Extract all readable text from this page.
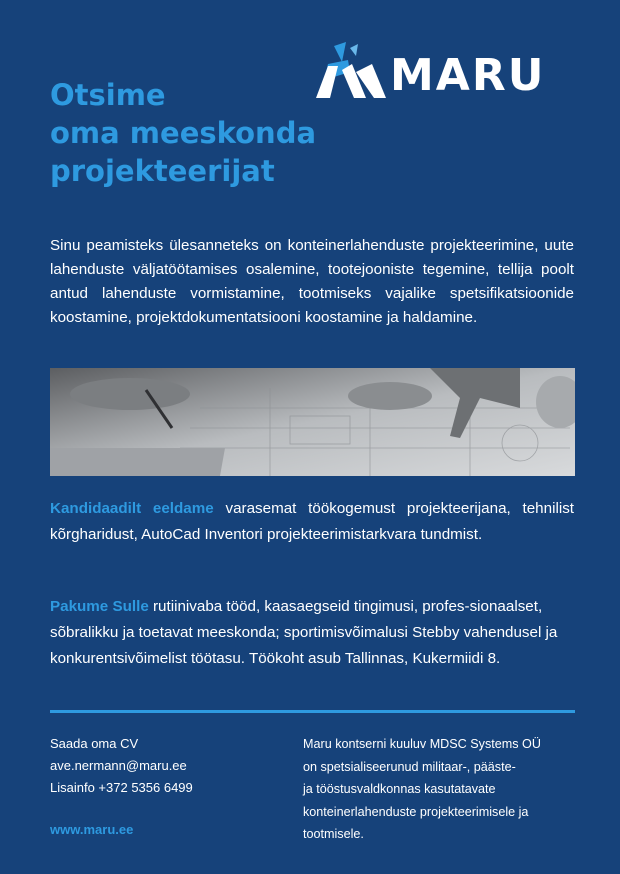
MARU
Otsime
oma meeskonda
projekteerijat

Sinu peamisteks ülesanneteks on konteinerlahenduste projekteerimine, uute lahenduste väljatöötamises osalemine, tootejooniste tegemine, tellija poolt antud lahenduste vormistamine, tootmiseks vajalike spetsifikatsioonide koostamine, projektdokumentatsiooni koostamine ja haldamine.

Kandidaadilt eeldame varasemat töökogemust projekteerijana, tehnilist kõrgharidust, AutoCad Inventori projekteerimistarkvara tundmist.

Pakume Sulle rutiinivaba tööd, kaasaegseid tingimusi, profes-sionaalset, sõbralikku ja toetavat meeskonda; sportimisvõimalusi Stebby vahendusel ja konkurentsivõimelist töötasu. Töökoht asub Tallinnas, Kukermiidi 8.

Saada oma CV
ave.nermann@maru.ee
Lisainfo +372 5356 6499
www.maru.ee
Maru kontserni kuuluv MDSC Systems OÜ
on spetsialiseerunud militaar-, pääste-
ja tööstusvaldkonnas kasutatavate
konteinerlahenduste projekteerimisele ja
tootmisele.
